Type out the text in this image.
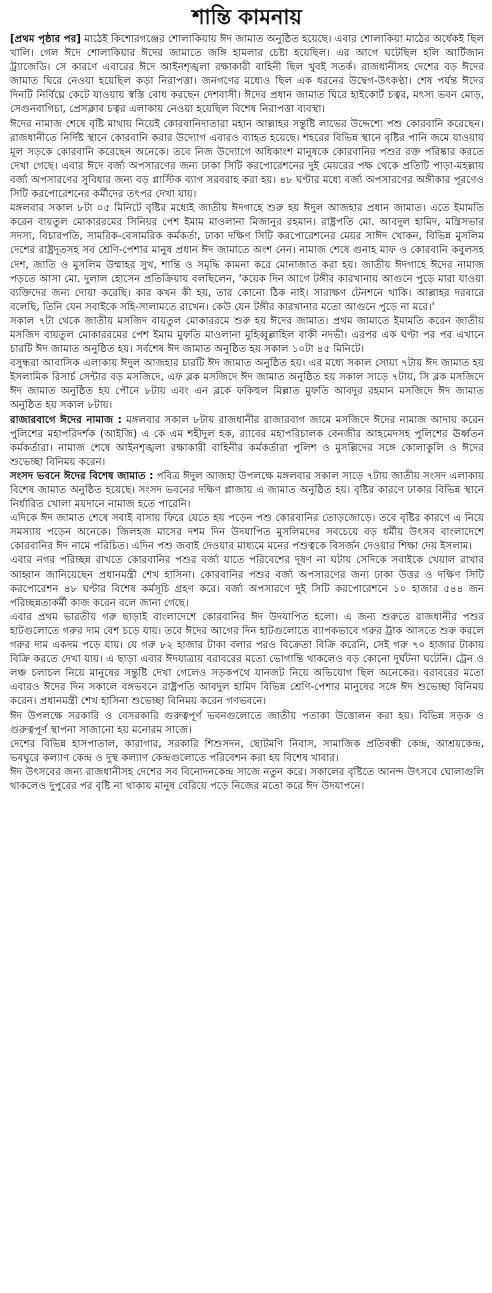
শান্তি কামনায়

[প্রথম পৃষ্ঠার পর] মাঠেই কিশোরগঞ্জের শোলাকিয়ায় ঈদ জামাত অনুষ্ঠিত হয়েছে। এবার শোলাকিয়া মাঠের অর্ধেকই ছিল খালি। গেল ঈদে শোলাকিয়ার ঈদের জামাতে জঙ্গি হামলার চেষ্টা হয়েছিল। এর আগে ঘটেছিল হলি আর্টিজান ট্র্যাজেডি। সে কারণে এবারের ঈদে আইনশৃঙ্খলা রক্ষাকারী বাহিনী ছিল খুবই সতর্ক। রাজধানীসহ দেশের বড় ঈদের জামাত ঘিরে নেওয়া হয়েছিল কড়া নিরাপত্তা। জনগণের মধ্যেও ছিল এক ধরনের উদ্বেগ-উৎকণ্ঠা। শেষ পর্যন্ত ঈদের দিনটি নির্বিঘ্নে কেটে যাওয়ায় স্বস্তি বোধ করছেন দেশবাসী। ঈদের প্রধান জামাত ঘিরে হাইকোর্ট চত্বর, মৎস্য ভবন মোড়, সেগুনবাগিচা, প্রেসক্লাব চত্বর এলাকায় নেওয়া হয়েছিল বিশেষ নিরাপত্তা ব্যবস্থা।

ঈদের নামাজ শেষে বৃষ্টি মাথায় নিয়েই কোরবানিদাতারা মহান আল্লাহর সন্তুষ্টি লাভের উদ্দেশ্যে পশু কোরবানি করেছেন। রাজধানীতে নির্দিষ্ট স্থানে কোরবানি করার উদ্যোগ এবারও ব্যাহত হয়েছে। শহরের বিভিন্ন স্থানে বৃষ্টির পানি জমে যাওয়ায় মূল সড়কে কোরবানি করেছেন অনেকে। তবে নিজ উদ্যোগে অধিকাংশ মানুষকে কোরবানির পশুর রক্ত পরিষ্কার করতে দেখা গেছে। এবার ঈদে বর্জ্য অপসারণের জন্য ঢাকা সিটি করপোরেশনের দুই মেয়রের পক্ষ থেকে প্রতিটি পাড়া-মহল্লায় বর্জ্য অপসারণের সুবিধার জন্য বড় প্লাস্টিক ব্যাগ সরবরাহ করা হয়। ৪৮ ঘণ্টার মধ্যে বর্জ্য অপসারণের অঙ্গীকার পূরণেও সিটি করপোরেশনের কর্মীদের তৎপর দেখা যায়।

মঙ্গলবার সকাল ৮টা ০৫ মিনিটে বৃষ্টির মধ্যেই জাতীয় ঈদগাহে শুরু হয় ঈদুল আজহার প্রধান জামাত। এতে ইমামতি করেন বায়তুল মোকাররমের সিনিয়র পেশ ইমাম মাওলানা মিজানুর রহমান। রাষ্ট্রপতি মো. আবদুল হামিদ, মন্ত্রিসভার সদস্য, বিচারপতি, সামরিক-বেসামরিক কর্মকর্তা, ঢাকা দক্ষিণ সিটি করপোরেশনের মেয়র সাঈদ খোকন, বিভিন্ন মুসলিম দেশের রাষ্ট্রদূতসহ সব শ্রেণি-পেশার মানুষ প্রধান ঈদ জামাতে অংশ নেন। নামাজ শেষে গুনাহ মাফ ও কোরবানি কবুলসহ দেশ, জাতি ও মুসলিম উম্মাহর সুখ, শান্তি ও সমৃদ্ধি কামনা করে মোনাজাত করা হয়। জাতীয় ঈদগাহে ঈদের নামাজ পড়তে আসা মো. দুলাল হোসেন প্রতিক্রিয়ায় বলছিলেন, 'কয়েক দিন আগে টঙ্গীর কারখানায় আগুনে পুড়ে মারা যাওয়া ব্যক্তিদের জন্য দোয়া করেছি। কার কখন কী হয়, তার কোনো ঠিক নাই। সারাক্ষণ টেনশনে থাকি। আল্লাহর দরবারে বলেছি, তিনি যেন সবাইকে সহি-সালামতে রাখেন। কেউ যেন টঙ্গীর কারখানার মতো আগুনে পুড়ে না মরে।'

সকাল ৭টা থেকে জাতীয় মসজিদ বায়তুল মোকাররমে শুরু হয় ঈদের জামাত। প্রথম জামাতে ইমামতি করেন জাতীয় মসজিদ বায়তুল মোকাররমের পেশ ইমাম মুফতি মাওলানা মুহিব্বুল্লাহিল বাকী নদভী। এরপর এক ঘণ্টা পর পর এখানে চারটি ঈদ জামাত অনুষ্ঠিত হয়। সর্বশেষ ঈদ জামাত অনুষ্ঠিত হয় সকাল ১০টা ৪৫ মিনিটে।

বসুন্ধরা আবাসিক এলাকায় ঈদুল আজহার চারটি ঈদ জামাত অনুষ্ঠিত হয়। এর মধ্যে সকাল সোয়া ৭টায় ঈদ জামাত হয় ইসলামিক রিসার্চ সেন্টার বড় মসজিদে, এফ ব্লক মসজিদে ঈদ জামাত অনুষ্ঠিত হয় সকাল সাড়ে ৭টায়, সি ব্লক মসজিদে ঈদ জামাত অনুষ্ঠিত হয় পৌনে ৮টায় এবং এন ব্লকে ফকিহুল মিল্লাত মুফতি আবদুর রহমান মসজিদে ঈদ জামাত অনুষ্ঠিত হয় সকাল ৮টায়।

রাজারবাগে ঈদের নামাজ : মঙ্গলবার সকাল ৮টায় রাজধানীর রাজারবাগ জামে মসজিদে ঈদের নামাজ আদায় করেন পুলিশের মহাপরিদর্শক (আইজি) এ কে এম শহীদুল হক, র‍্যাবের মহাপরিচালক বেনজীর আহমেদসহ পুলিশের ঊর্ধ্বতন কর্মকর্তারা। নামাজ শেষে আইনশৃঙ্খলা রক্ষাকারী বাহিনীর কর্মকর্তারা পুলিশ ও মুসল্লিদের সঙ্গে কোলাকুলি ও ঈদের শুভেচ্ছা বিনিময় করেন।

সংসদ ভবনে ঈদের বিশেষ জামাত : পবিত্র ঈদুল আজহা উপলক্ষে মঙ্গলবার সকাল সাড়ে ৭টায় জাতীয় সংসদ এলাকায় বিশেষ জামাত অনুষ্ঠিত হয়েছে। সংসদ ভবনের দক্ষিণ প্লাজায় এ জামাত অনুষ্ঠিত হয়। বৃষ্টির কারণে ঢাকার বিভিন্ন স্থানে নির্ধারিত খোলা ময়দানে নামাজ হতে পারেনি।

এদিকে ঈদ জামাত শেষে সবাই বাসায় ফিরে যেতে হয় পড়েন পশু কোরবানির তোড়জোড়ে। তবে বৃষ্টির কারণে এ নিয়ে সমস্যায় পড়েন অনেকে। জিলহজ মাসের দশম দিন উদযাপিত মুসলিমদের সবচেয়ে বড় ধর্মীয় উৎসব বাংলাদেশে কোরবানির ঈদ নামে পরিচিত। এদিন পশু জবাই দেওয়ার মাধ্যমে মনের পশুত্বকে বিসর্জন দেওয়ার শিক্ষা দেয় ইসলাম।

এবার নগর পরিচ্ছন্ন রাখতে কোরবানির পশুর বর্জ্য যাতে পরিবেশের দূষণ না ঘটায় সেদিকে সবাইকে খেয়াল রাখার আহ্বান জানিয়েছেন প্রধানমন্ত্রী শেখ হাসিনা। কোরবানির পশুর বর্জ্য অপসারণের জন্য ঢাকা উত্তর ও দক্ষিণ সিটি করপোরেশন ৪৮ ঘণ্টার বিশেষ কর্মসূচি গ্রহণ করে। বর্জ্য অপসারণে দুই সিটি করপোরেশনে ১০ হাজার ৫৪৪ জন পরিচ্ছন্নতাকর্মী কাজ করেন বলে জানা গেছে।

এবার প্রথম ভারতীয় গরু ছাড়াই বাংলাদেশে কোরবানির ঈদ উদযাপিত হলো। এ জন্য শুরুতে রাজধানীর পশুর হাটগুলোতে গরুর দাম বেশ চড়ে যায়। তবে ঈদের আগের দিন হাটগুলোতে ব্যাপকভাবে গরুর ট্রাক আসতে শুরু করলে গরুর দাম একদম পড়ে যায়। যে গরু ৮২ হাজার টাকা বলার পরও বিক্রেতা বিক্রি করেনি, সেই গরু ৭০ হাজার টাকায় বিক্রি করতে দেখা যায়। এ ছাড়া এবার ঈদযাত্রায় বরাবরের মতো ভোগান্তি থাকলেও বড় কোনো দুর্ঘটনা ঘটেনি। ট্রেন ও লঞ্চ চলাচল নিয়ে মানুষের সন্তুষ্টি দেখা গেলেও সড়কপথে যানজট নিয়ে অভিযোগ ছিল অনেকের। বরাবরের মতো এবারও ঈদের দিন সকালে বঙ্গভবনে রাষ্ট্রপতি আবদুল হামিদ বিভিন্ন শ্রেণি-পেশার মানুষের সঙ্গে ঈদ শুভেচ্ছা বিনিময় করেন। প্রধানমন্ত্রী শেখ হাসিনা শুভেচ্ছা বিনিময় করেন গণভবনে।

ঈদ উপলক্ষে সরকারি ও বেসরকারি গুরুত্বপূর্ণ ভবনগুলোতে জাতীয় পতাকা উত্তোলন করা হয়। বিভিন্ন সড়ক ও গুরুত্বপূর্ণ স্থাপনা সাজানো হয় মনোরম সাজে।

দেশের বিভিন্ন হাসপাতাল, কারাগার, সরকারি শিশুসদন, ছোটমণি নিবাস, সামাজিক প্রতিবন্ধী কেন্দ্র, আশ্রয়কেন্দ্র, ভবঘুরে কল্যাণ কেন্দ্র ও দুস্থ কল্যাণ কেন্দ্রগুলোতে পরিবেশন করা হয় বিশেষ খাবার।

ঈদ উৎসবের জন্য রাজধানীসহ দেশের সব বিনোদনকেন্দ্র সাজে নতুন করে। সকালের বৃষ্টিতে আনন্দ উৎসবে ঘোলাগুলি থাকলেও দুপুরের পর বৃষ্টি না থাকায় মানুষ বেরিয়ে পড়ে নিজের মতো করে ঈদ উদযাপনে।
